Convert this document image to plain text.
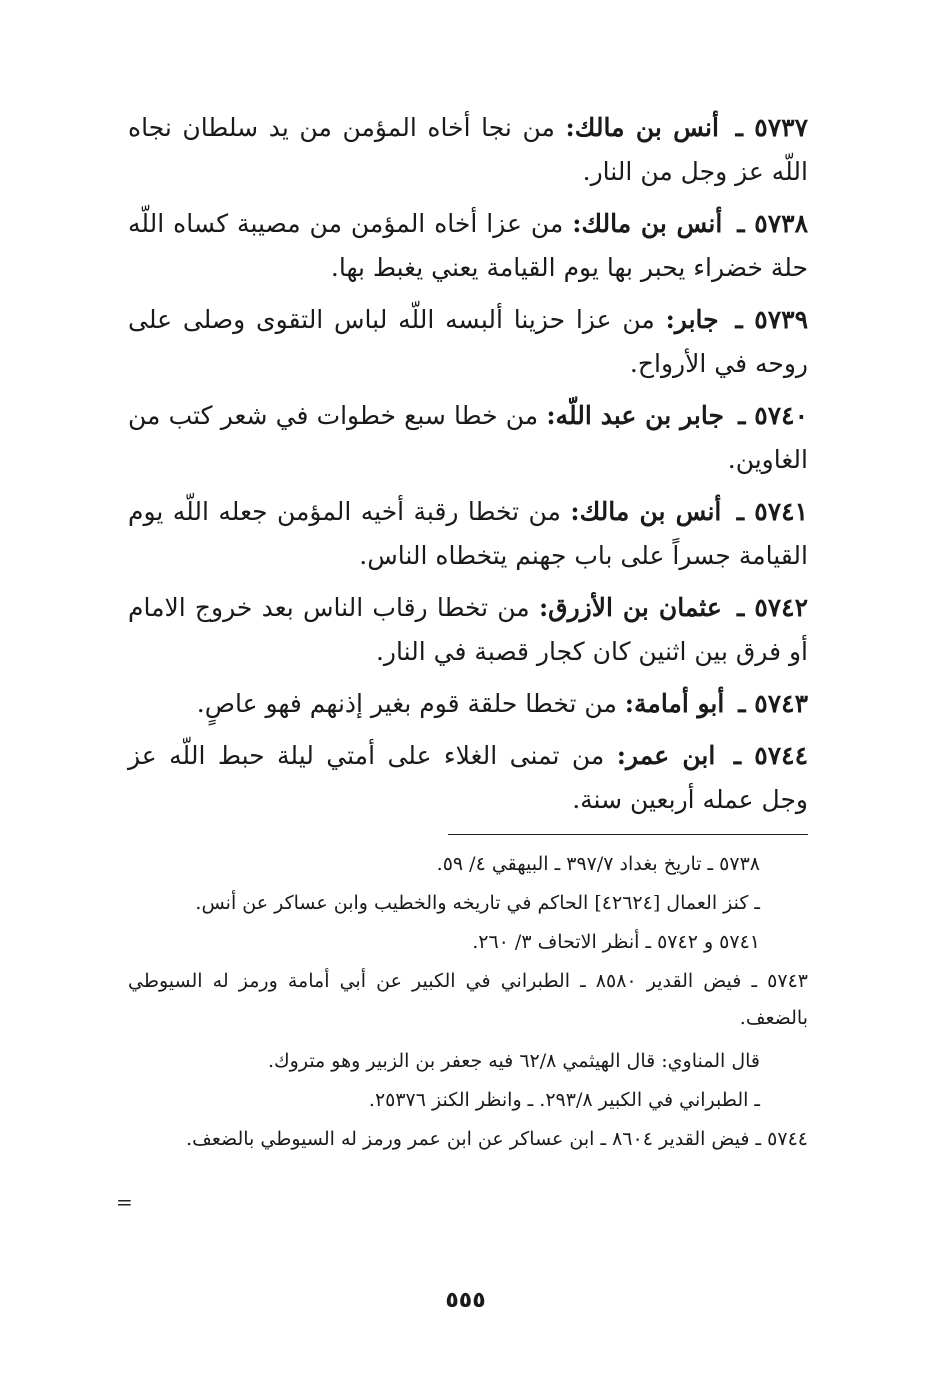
٥٧٣٧ ـ أنس بن مالك: من نجا أخاه المؤمن من يد سلطان نجاه اللّه عز وجل من النار.

٥٧٣٨ ـ أنس بن مالك: من عزا أخاه المؤمن من مصيبة كساه اللّه حلة خضراء يحبر بها يوم القيامة يعني يغبط بها.

٥٧٣٩ ـ جابر: من عزا حزينا ألبسه اللّه لباس التقوى وصلى على روحه في الأرواح.

٥٧٤٠ ـ جابر بن عبد اللّه: من خطا سبع خطوات في شعر كتب من الغاوين.

٥٧٤١ ـ أنس بن مالك: من تخطا رقبة أخيه المؤمن جعله اللّه يوم القيامة جسراً على باب جهنم يتخطاه الناس.

٥٧٤٢ ـ عثمان بن الأزرق: من تخطا رقاب الناس بعد خروج الامام أو فرق بين اثنين كان كجار قصبة في النار.

٥٧٤٣ ـ أبو أمامة: من تخطا حلقة قوم بغير إذنهم فهو عاصٍ.

٥٧٤٤ ـ ابن عمر: من تمنى الغلاء على أمتي ليلة حبط اللّه عز وجل عمله أربعين سنة.

٥٧٣٨ ـ تاريخ بغداد ٣٩٧/٧ ـ البيهقي ٤/ ٥٩.

ـ كنز العمال [٤٢٦٢٤] الحاكم في تاريخه والخطيب وابن عساكر عن أنس.

٥٧٤١ و ٥٧٤٢ ـ أنظر الاتحاف ٣/ ٢٦٠.

٥٧٤٣ ـ فيض القدير ٨٥٨٠ ـ الطبراني في الكبير عن أبي أمامة ورمز له السيوطي بالضعف.

قال المناوي: قال الهيثمي ٦٢/٨ فيه جعفر بن الزبير وهو متروك.

ـ الطبراني في الكبير ٢٩٣/٨. ـ وانظر الكنز ٢٥٣٧٦.

٥٧٤٤ ـ فيض القدير ٨٦٠٤ ـ ابن عساكر عن ابن عمر ورمز له السيوطي بالضعف.

=
٥٥٥
